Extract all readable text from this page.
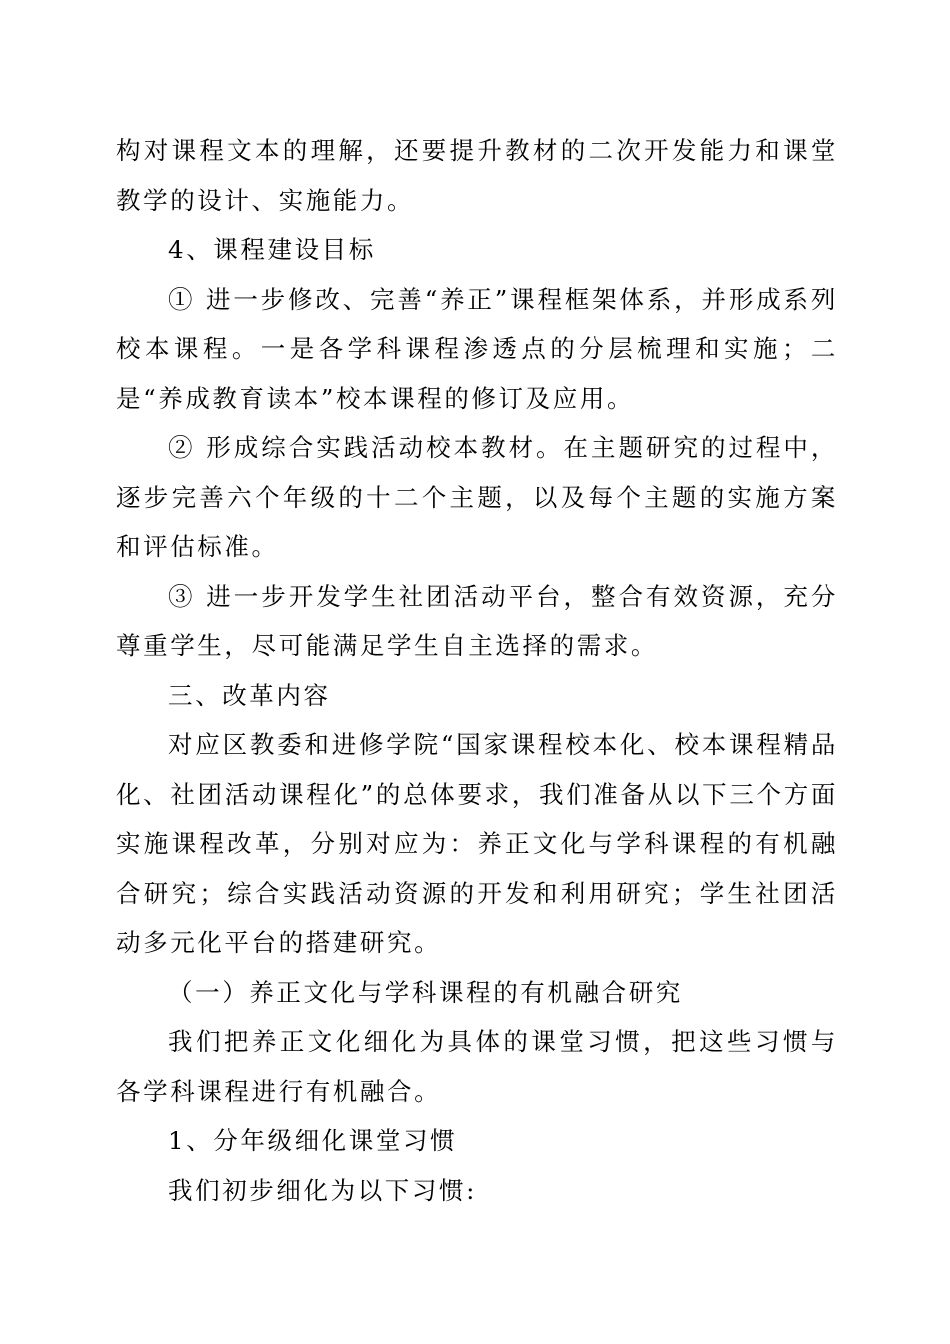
构对课程文本的理解，还要提升教材的二次开发能力和课堂教学的设计、实施能力。

4、课程建设目标

① 进一步修改、完善“养正”课程框架体系，并形成系列校本课程。一是各学科课程渗透点的分层梳理和实施；二是“养成教育读本”校本课程的修订及应用。

② 形成综合实践活动校本教材。在主题研究的过程中，逐步完善六个年级的十二个主题，以及每个主题的实施方案和评估标准。

③ 进一步开发学生社团活动平台，整合有效资源，充分尊重学生，尽可能满足学生自主选择的需求。

三、改革内容

对应区教委和进修学院“国家课程校本化、校本课程精品化、社团活动课程化”的总体要求，我们准备从以下三个方面实施课程改革，分别对应为：养正文化与学科课程的有机融合研究；综合实践活动资源的开发和利用研究；学生社团活动多元化平台的搭建研究。

（一）养正文化与学科课程的有机融合研究

我们把养正文化细化为具体的课堂习惯，把这些习惯与各学科课程进行有机融合。

1、分年级细化课堂习惯

我们初步细化为以下习惯:
